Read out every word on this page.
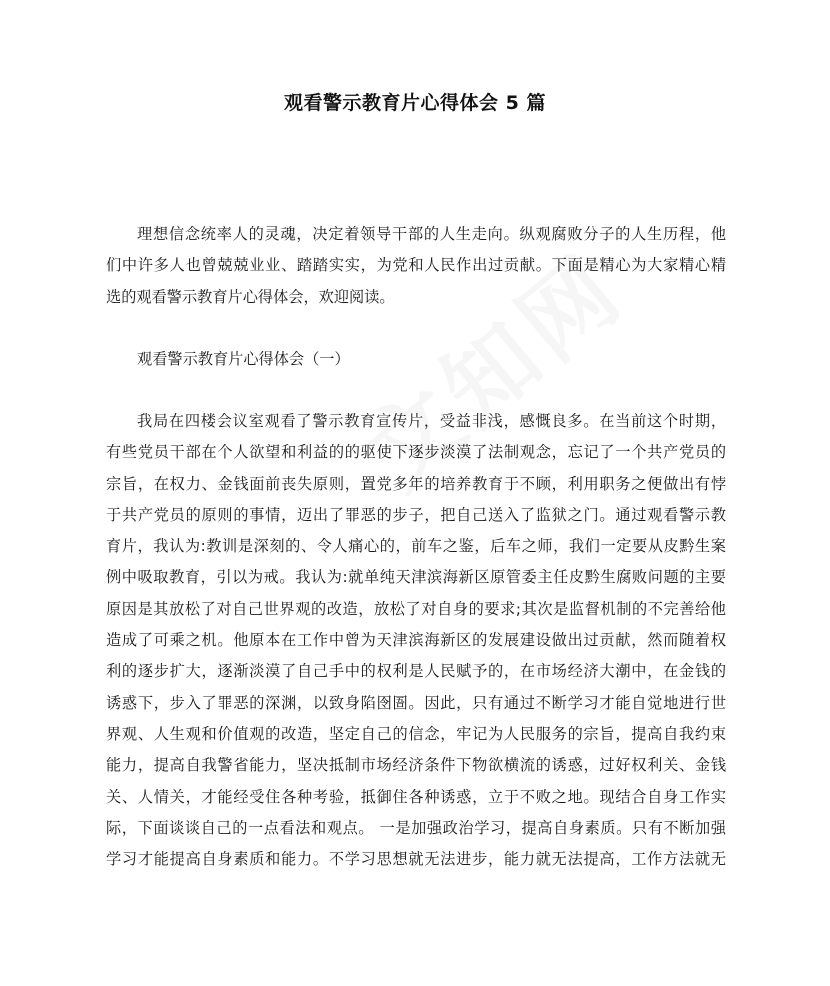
观看警示教育片心得体会 5 篇
理想信念统率人的灵魂，决定着领导干部的人生走向。纵观腐败分子的人生历程，他
们中许多人也曾兢兢业业、踏踏实实，为党和人民作出过贡献。下面是精心为大家精心精
选的观看警示教育片心得体会，欢迎阅读。
观看警示教育片心得体会（一）
我局在四楼会议室观看了警示教育宣传片，受益非浅，感慨良多。在当前这个时期，
有些党员干部在个人欲望和利益的的驱使下逐步淡漠了法制观念，忘记了一个共产党员的
宗旨，在权力、金钱面前丧失原则，置党多年的培养教育于不顾，利用职务之便做出有悖
于共产党员的原则的事情，迈出了罪恶的步子，把自己送入了监狱之门。通过观看警示教
育片，我认为:教训是深刻的、令人痛心的，前车之鉴，后车之师，我们一定要从皮黔生案
例中吸取教育，引以为戒。我认为:就单纯天津滨海新区原管委主任皮黔生腐败问题的主要
原因是其放松了对自己世界观的改造，放松了对自身的要求;其次是监督机制的不完善给他
造成了可乘之机。他原本在工作中曾为天津滨海新区的发展建设做出过贡献，然而随着权
利的逐步扩大，逐渐淡漠了自己手中的权利是人民赋予的，在市场经济大潮中，在金钱的
诱惑下，步入了罪恶的深渊，以致身陷囹圄。因此，只有通过不断学习才能自觉地进行世
界观、人生观和价值观的改造，坚定自己的信念，牢记为人民服务的宗旨，提高自我约束
能力，提高自我警省能力，坚决抵制市场经济条件下物欲横流的诱惑，过好权利关、金钱
关、人情关，才能经受住各种考验，抵御住各种诱惑，立于不败之地。现结合自身工作实
际，下面谈谈自己的一点看法和观点。 一是加强政治学习，提高自身素质。只有不断加强
学习才能提高自身素质和能力。不学习思想就无法进步，能力就无法提高，工作方法就无
